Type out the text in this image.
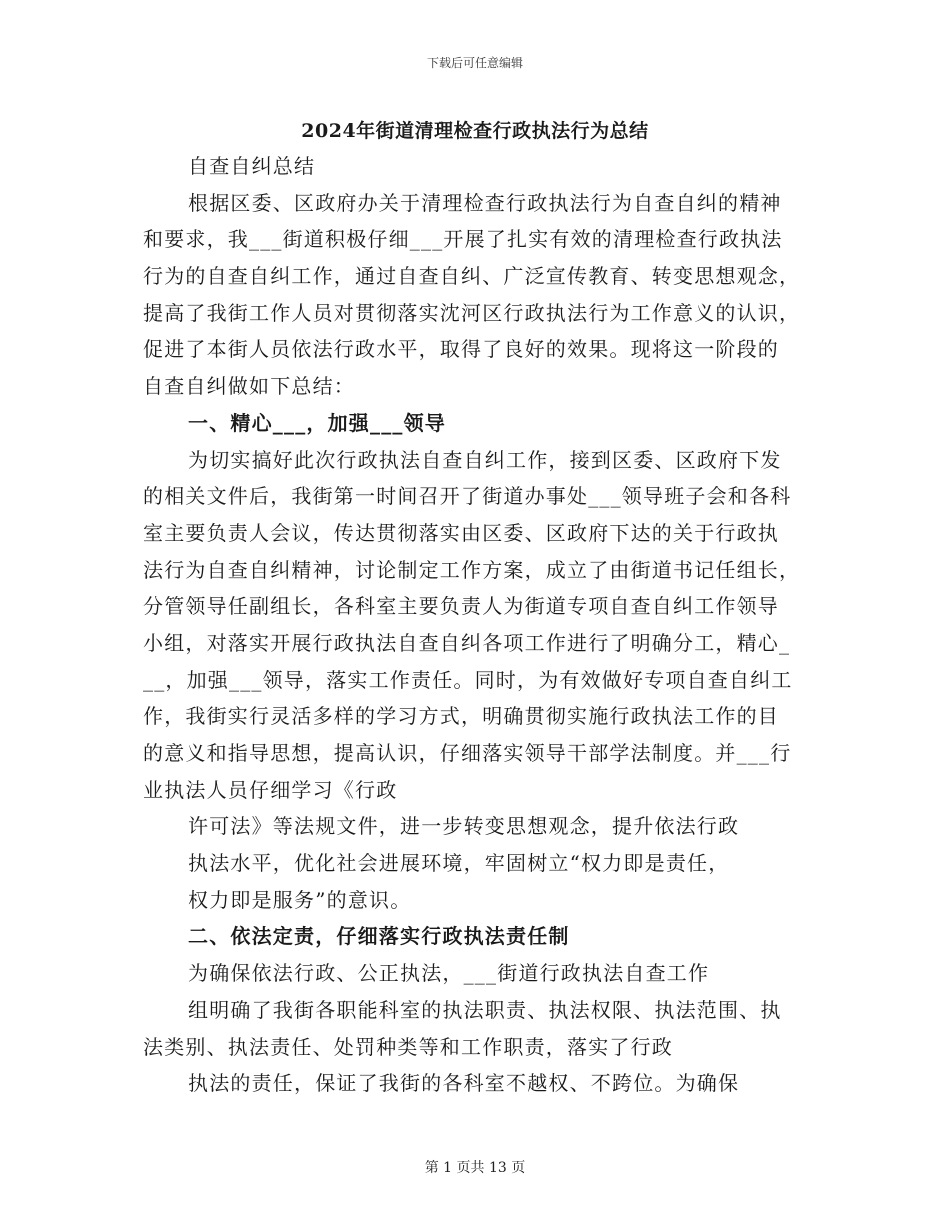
下载后可任意编辑
2024年街道清理检查行政执法行为总结
自查自纠总结
根据区委、区政府办关于清理检查行政执法行为自查自纠的精神
和要求，我___街道积极仔细___开展了扎实有效的清理检查行政执法
行为的自查自纠工作，通过自查自纠、广泛宣传教育、转变思想观念，
提高了我街工作人员对贯彻落实沈河区行政执法行为工作意义的认识，
促进了本街人员依法行政水平，取得了良好的效果。现将这一阶段的
自查自纠做如下总结：
一、精心___，加强___领导
为切实搞好此次行政执法自查自纠工作，接到区委、区政府下发
的相关文件后，我街第一时间召开了街道办事处___领导班子会和各科
室主要负责人会议，传达贯彻落实由区委、区政府下达的关于行政执
法行为自查自纠精神，讨论制定工作方案，成立了由街道书记任组长，
分管领导任副组长，各科室主要负责人为街道专项自查自纠工作领导
小组，对落实开展行政执法自查自纠各项工作进行了明确分工，精心_
__，加强___领导，落实工作责任。同时，为有效做好专项自查自纠工
作，我街实行灵活多样的学习方式，明确贯彻实施行政执法工作的目
的意义和指导思想，提高认识，仔细落实领导干部学法制度。并___行
业执法人员仔细学习《行政
许可法》等法规文件，进一步转变思想观念，提升依法行政
执法水平，优化社会进展环境，牢固树立“权力即是责任，
权力即是服务”的意识。
二、依法定责，仔细落实行政执法责任制
为确保依法行政、公正执法，___街道行政执法自查工作
组明确了我街各职能科室的执法职责、执法权限、执法范围、执
法类别、执法责任、处罚种类等和工作职责，落实了行政
执法的责任，保证了我街的各科室不越权、不跨位。为确保
第 1 页共 13 页
